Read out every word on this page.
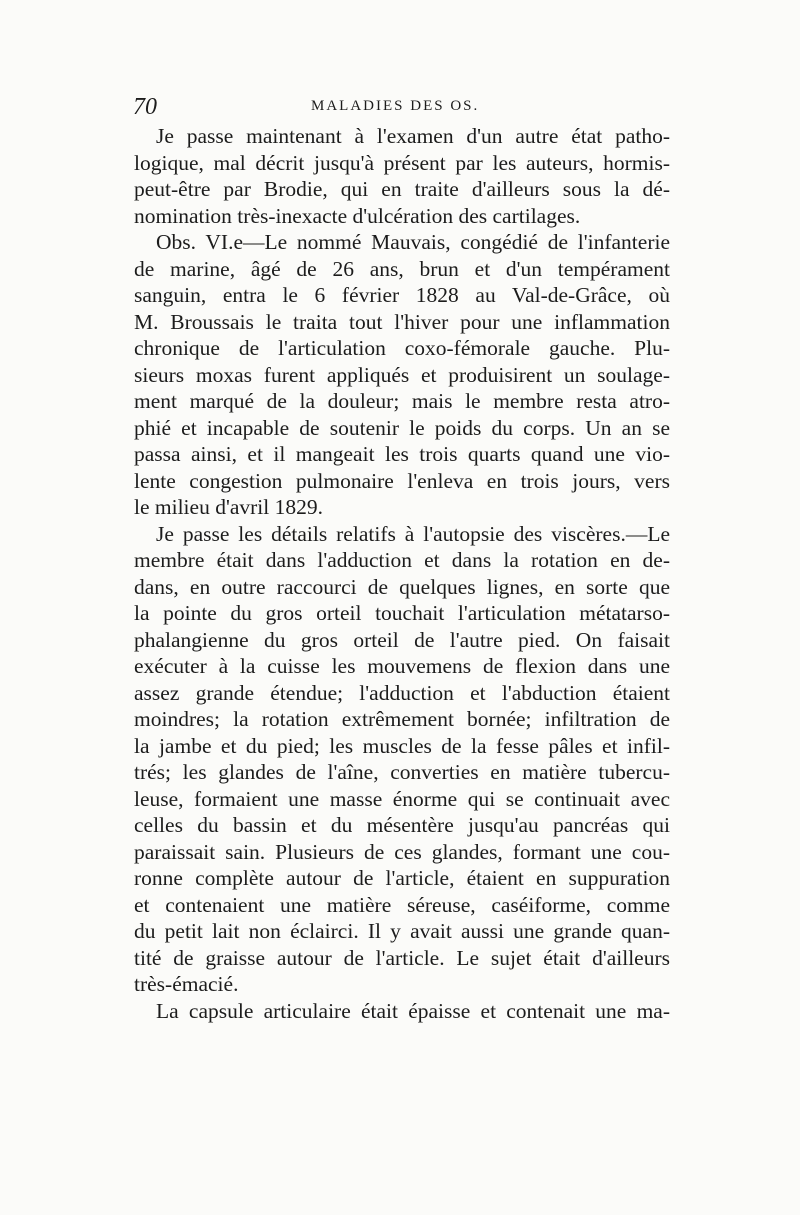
70	MALADIES DES OS.
Je passe maintenant à l'examen d'un autre état patho-
logique, mal décrit jusqu'à présent par les auteurs, hormis-
peut-être par Brodie, qui en traite d'ailleurs sous la dé-
nomination très-inexacte d'ulcération des cartilages.
Obs. VI.e—Le nommé Mauvais, congédié de l'infanterie
de marine, âgé de 26 ans, brun et d'un tempérament
sanguin, entra le 6 février 1828 au Val-de-Grâce, où
M. Broussais le traita tout l'hiver pour une inflammation
chronique de l'articulation coxo-fémorale gauche. Plu-
sieurs moxas furent appliqués et produisirent un soulage-
ment marqué de la douleur; mais le membre resta atro-
phié et incapable de soutenir le poids du corps. Un an se
passa ainsi, et il mangeait les trois quarts quand une vio-
lente congestion pulmonaire l'enleva en trois jours, vers
le milieu d'avril 1829.
Je passe les détails relatifs à l'autopsie des viscères.—Le
membre était dans l'adduction et dans la rotation en de-
dans, en outre raccourci de quelques lignes, en sorte que
la pointe du gros orteil touchait l'articulation métatarso-
phalangienne du gros orteil de l'autre pied. On faisait
exécuter à la cuisse les mouvemens de flexion dans une
assez grande étendue; l'adduction et l'abduction étaient
moindres; la rotation extrêmement bornée; infiltration de
la jambe et du pied; les muscles de la fesse pâles et infil-
trés; les glandes de l'aîne, converties en matière tubercu-
leuse, formaient une masse énorme qui se continuait avec
celles du bassin et du mésentère jusqu'au pancréas qui
paraissait sain. Plusieurs de ces glandes, formant une cou-
ronne complète autour de l'article, étaient en suppuration
et contenaient une matière séreuse, caséiforme, comme
du petit lait non éclairci. Il y avait aussi une grande quan-
tité de graisse autour de l'article. Le sujet était d'ailleurs
très-émacié.
La capsule articulaire était épaisse et contenait une ma-
